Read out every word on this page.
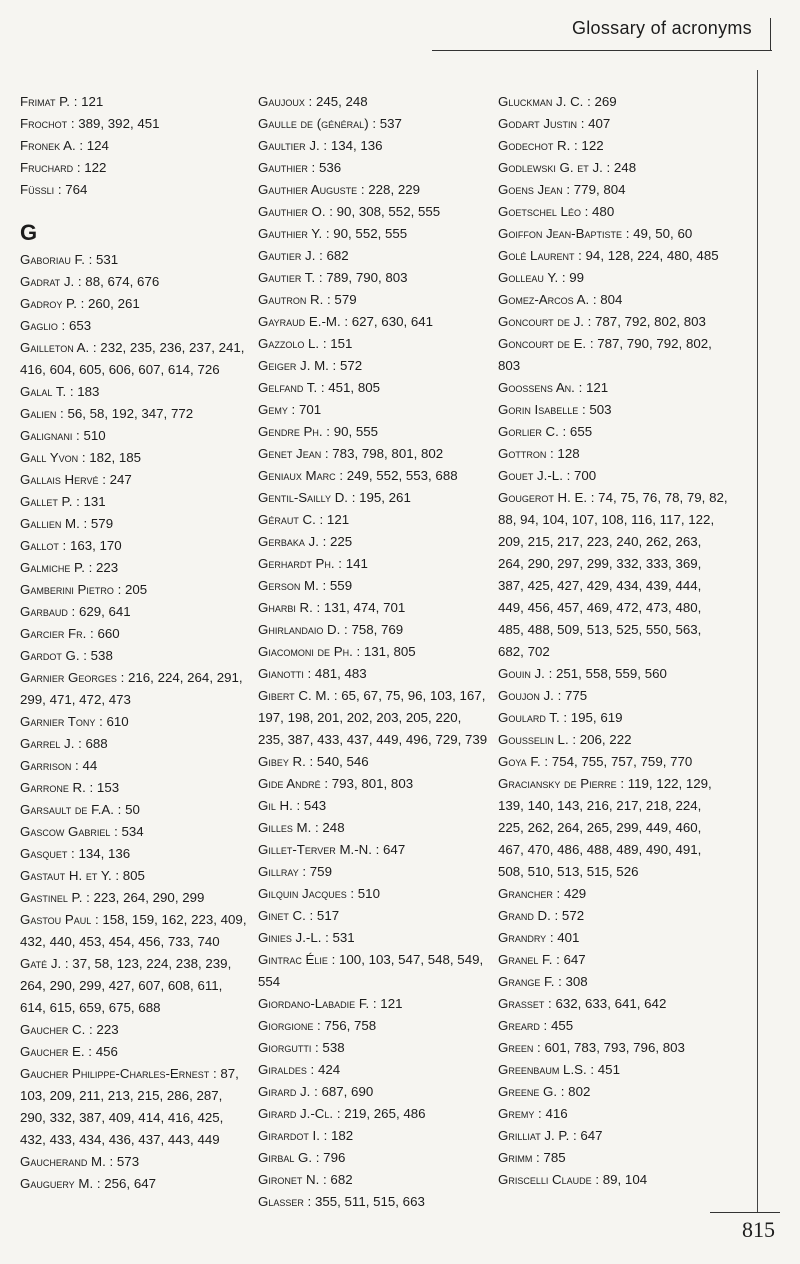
Glossary of acronyms
Frimat P. : 121
Frochot : 389, 392, 451
Fronek A. : 124
Fruchard : 122
Füssli : 764
G
Gaboriau F. : 531
Gadrat J. : 88, 674, 676
Gadroy P. : 260, 261
Gaglio : 653
Gailleton A. : 232, 235, 236, 237, 241, 416, 604, 605, 606, 607, 614, 726
Galal T. : 183
Galien : 56, 58, 192, 347, 772
Galignani : 510
Gall Yvon : 182, 185
Gallais Hervé : 247
Gallet P. : 131
Gallien M. : 579
Gallot : 163, 170
Galmiche P. : 223
Gamberini Pietro : 205
Garbaud : 629, 641
Garcier Fr. : 660
Gardot G. : 538
Garnier Georges : 216, 224, 264, 291, 299, 471, 472, 473
Garnier Tony : 610
Garrel J. : 688
Garrison : 44
Garrone R. : 153
Garsault de F.A. : 50
Gascow Gabriel : 534
Gasquet : 134, 136
Gastaut H. et Y. : 805
Gastinel P. : 223, 264, 290, 299
Gastou Paul : 158, 159, 162, 223, 409, 432, 440, 453, 454, 456, 733, 740
Gaté J. : 37, 58, 123, 224, 238, 239, 264, 290, 299, 427, 607, 608, 611, 614, 615, 659, 675, 688
Gaucher C. : 223
Gaucher E. : 456
Gaucher Philippe-Charles-Ernest : 87, 103, 209, 211, 213, 215, 286, 287, 290, 332, 387, 409, 414, 416, 425, 432, 433, 434, 436, 437, 443, 449
Gaucherand M. : 573
Gauguery M. : 256, 647
Gaujoux : 245, 248
Gaulle de (général) : 537
Gaultier J. : 134, 136
Gauthier : 536
Gauthier Auguste : 228, 229
Gauthier O. : 90, 308, 552, 555
Gauthier Y. : 90, 552, 555
Gautier J. : 682
Gautier T. : 789, 790, 803
Gautron R. : 579
Gayraud E.-M. : 627, 630, 641
Gazzolo L. : 151
Geiger J. M. : 572
Gelfand T. : 451, 805
Gemy : 701
Gendre Ph. : 90, 555
Genet Jean : 783, 798, 801, 802
Geniaux Marc : 249, 552, 553, 688
Gentil-Sailly D. : 195, 261
Géraut C. : 121
Gerbaka J. : 225
Gerhardt Ph. : 141
Gerson M. : 559
Gharbi R. : 131, 474, 701
Ghirlandaio D. : 758, 769
Giacomoni de Ph. : 131, 805
Gianotti : 481, 483
Gibert C. M. : 65, 67, 75, 96, 103, 167, 197, 198, 201, 202, 203, 205, 220, 235, 387, 433, 437, 449, 496, 729, 739
Gibey R. : 540, 546
Gide André : 793, 801, 803
Gil H. : 543
Gilles M. : 248
Gillet-Terver M.-N. : 647
Gillray : 759
Gilquin Jacques : 510
Ginet C. : 517
Ginies J.-L. : 531
Gintrac Élie : 100, 103, 547, 548, 549, 554
Giordano-Labadie F. : 121
Giorgione : 756, 758
Giorgutti : 538
Giraldes : 424
Girard J. : 687, 690
Girard J.-Cl. : 219, 265, 486
Girardot I. : 182
Girbal G. : 796
Gironet N. : 682
Glasser : 355, 511, 515, 663
Gluckman J. C. : 269
Godart Justin : 407
Godechot R. : 122
Godlewski G. et J. : 248
Goens Jean : 779, 804
Goetschel Léo : 480
Goiffon Jean-Baptiste : 49, 50, 60
Golé Laurent : 94, 128, 224, 480, 485
Golleau Y. : 99
Gomez-Arcos A. : 804
Goncourt de J. : 787, 792, 802, 803
Goncourt de E. : 787, 790, 792, 802, 803
Goossens An. : 121
Gorin Isabelle : 503
Gorlier C. : 655
Gottron : 128
Gouet J.-L. : 700
Gougerot H. E. : 74, 75, 76, 78, 79, 82, 88, 94, 104, 107, 108, 116, 117, 122, 209, 215, 217, 223, 240, 262, 263, 264, 290, 297, 299, 332, 333, 369, 387, 425, 427, 429, 434, 439, 444, 449, 456, 457, 469, 472, 473, 480, 485, 488, 509, 513, 525, 550, 563, 682, 702
Gouin J. : 251, 558, 559, 560
Goujon J. : 775
Goulard T. : 195, 619
Gousselin L. : 206, 222
Goya F. : 754, 755, 757, 759, 770
Graciansky de Pierre : 119, 122, 129, 139, 140, 143, 216, 217, 218, 224, 225, 262, 264, 265, 299, 449, 460, 467, 470, 486, 488, 489, 490, 491, 508, 510, 513, 515, 526
Grancher : 429
Grand D. : 572
Grandry : 401
Granel F. : 647
Grange F. : 308
Grasset : 632, 633, 641, 642
Greard : 455
Green : 601, 783, 793, 796, 803
Greenbaum L.S. : 451
Greene G. : 802
Gremy : 416
Grilliat J. P. : 647
Grimm : 785
Griscelli Claude : 89, 104
815
